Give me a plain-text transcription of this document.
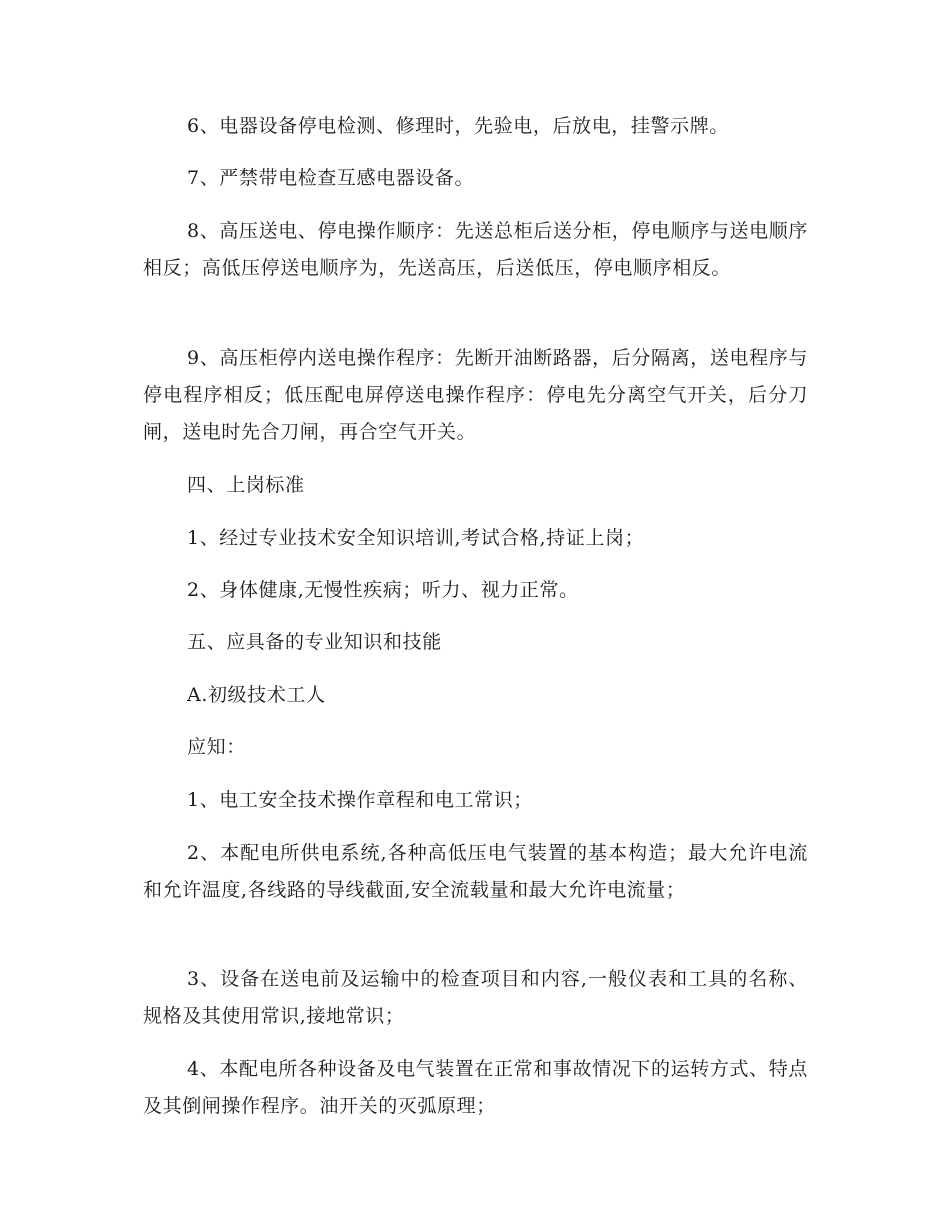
6、电器设备停电检测、修理时，先验电，后放电，挂警示牌。

7、严禁带电检查互感电器设备。

8、高压送电、停电操作顺序：先送总柜后送分柜，停电顺序与送电顺序相反；高低压停送电顺序为，先送高压，后送低压，停电顺序相反。

9、高压柜停内送电操作程序：先断开油断路器，后分隔离，送电程序与停电程序相反；低压配电屏停送电操作程序：停电先分离空气开关，后分刀闸，送电时先合刀闸，再合空气开关。

四、上岗标准

1、经过专业技术安全知识培训,考试合格,持证上岗；

2、身体健康,无慢性疾病；听力、视力正常。

五、应具备的专业知识和技能

A.初级技术工人

应知：

1、电工安全技术操作章程和电工常识；

2、本配电所供电系统,各种高低压电气装置的基本构造；最大允许电流和允许温度,各线路的导线截面,安全流载量和最大允许电流量；

3、设备在送电前及运输中的检查项目和内容,一般仪表和工具的名称、规格及其使用常识,接地常识；

4、本配电所各种设备及电气装置在正常和事故情况下的运转方式、特点及其倒闸操作程序。油开关的灭弧原理；
